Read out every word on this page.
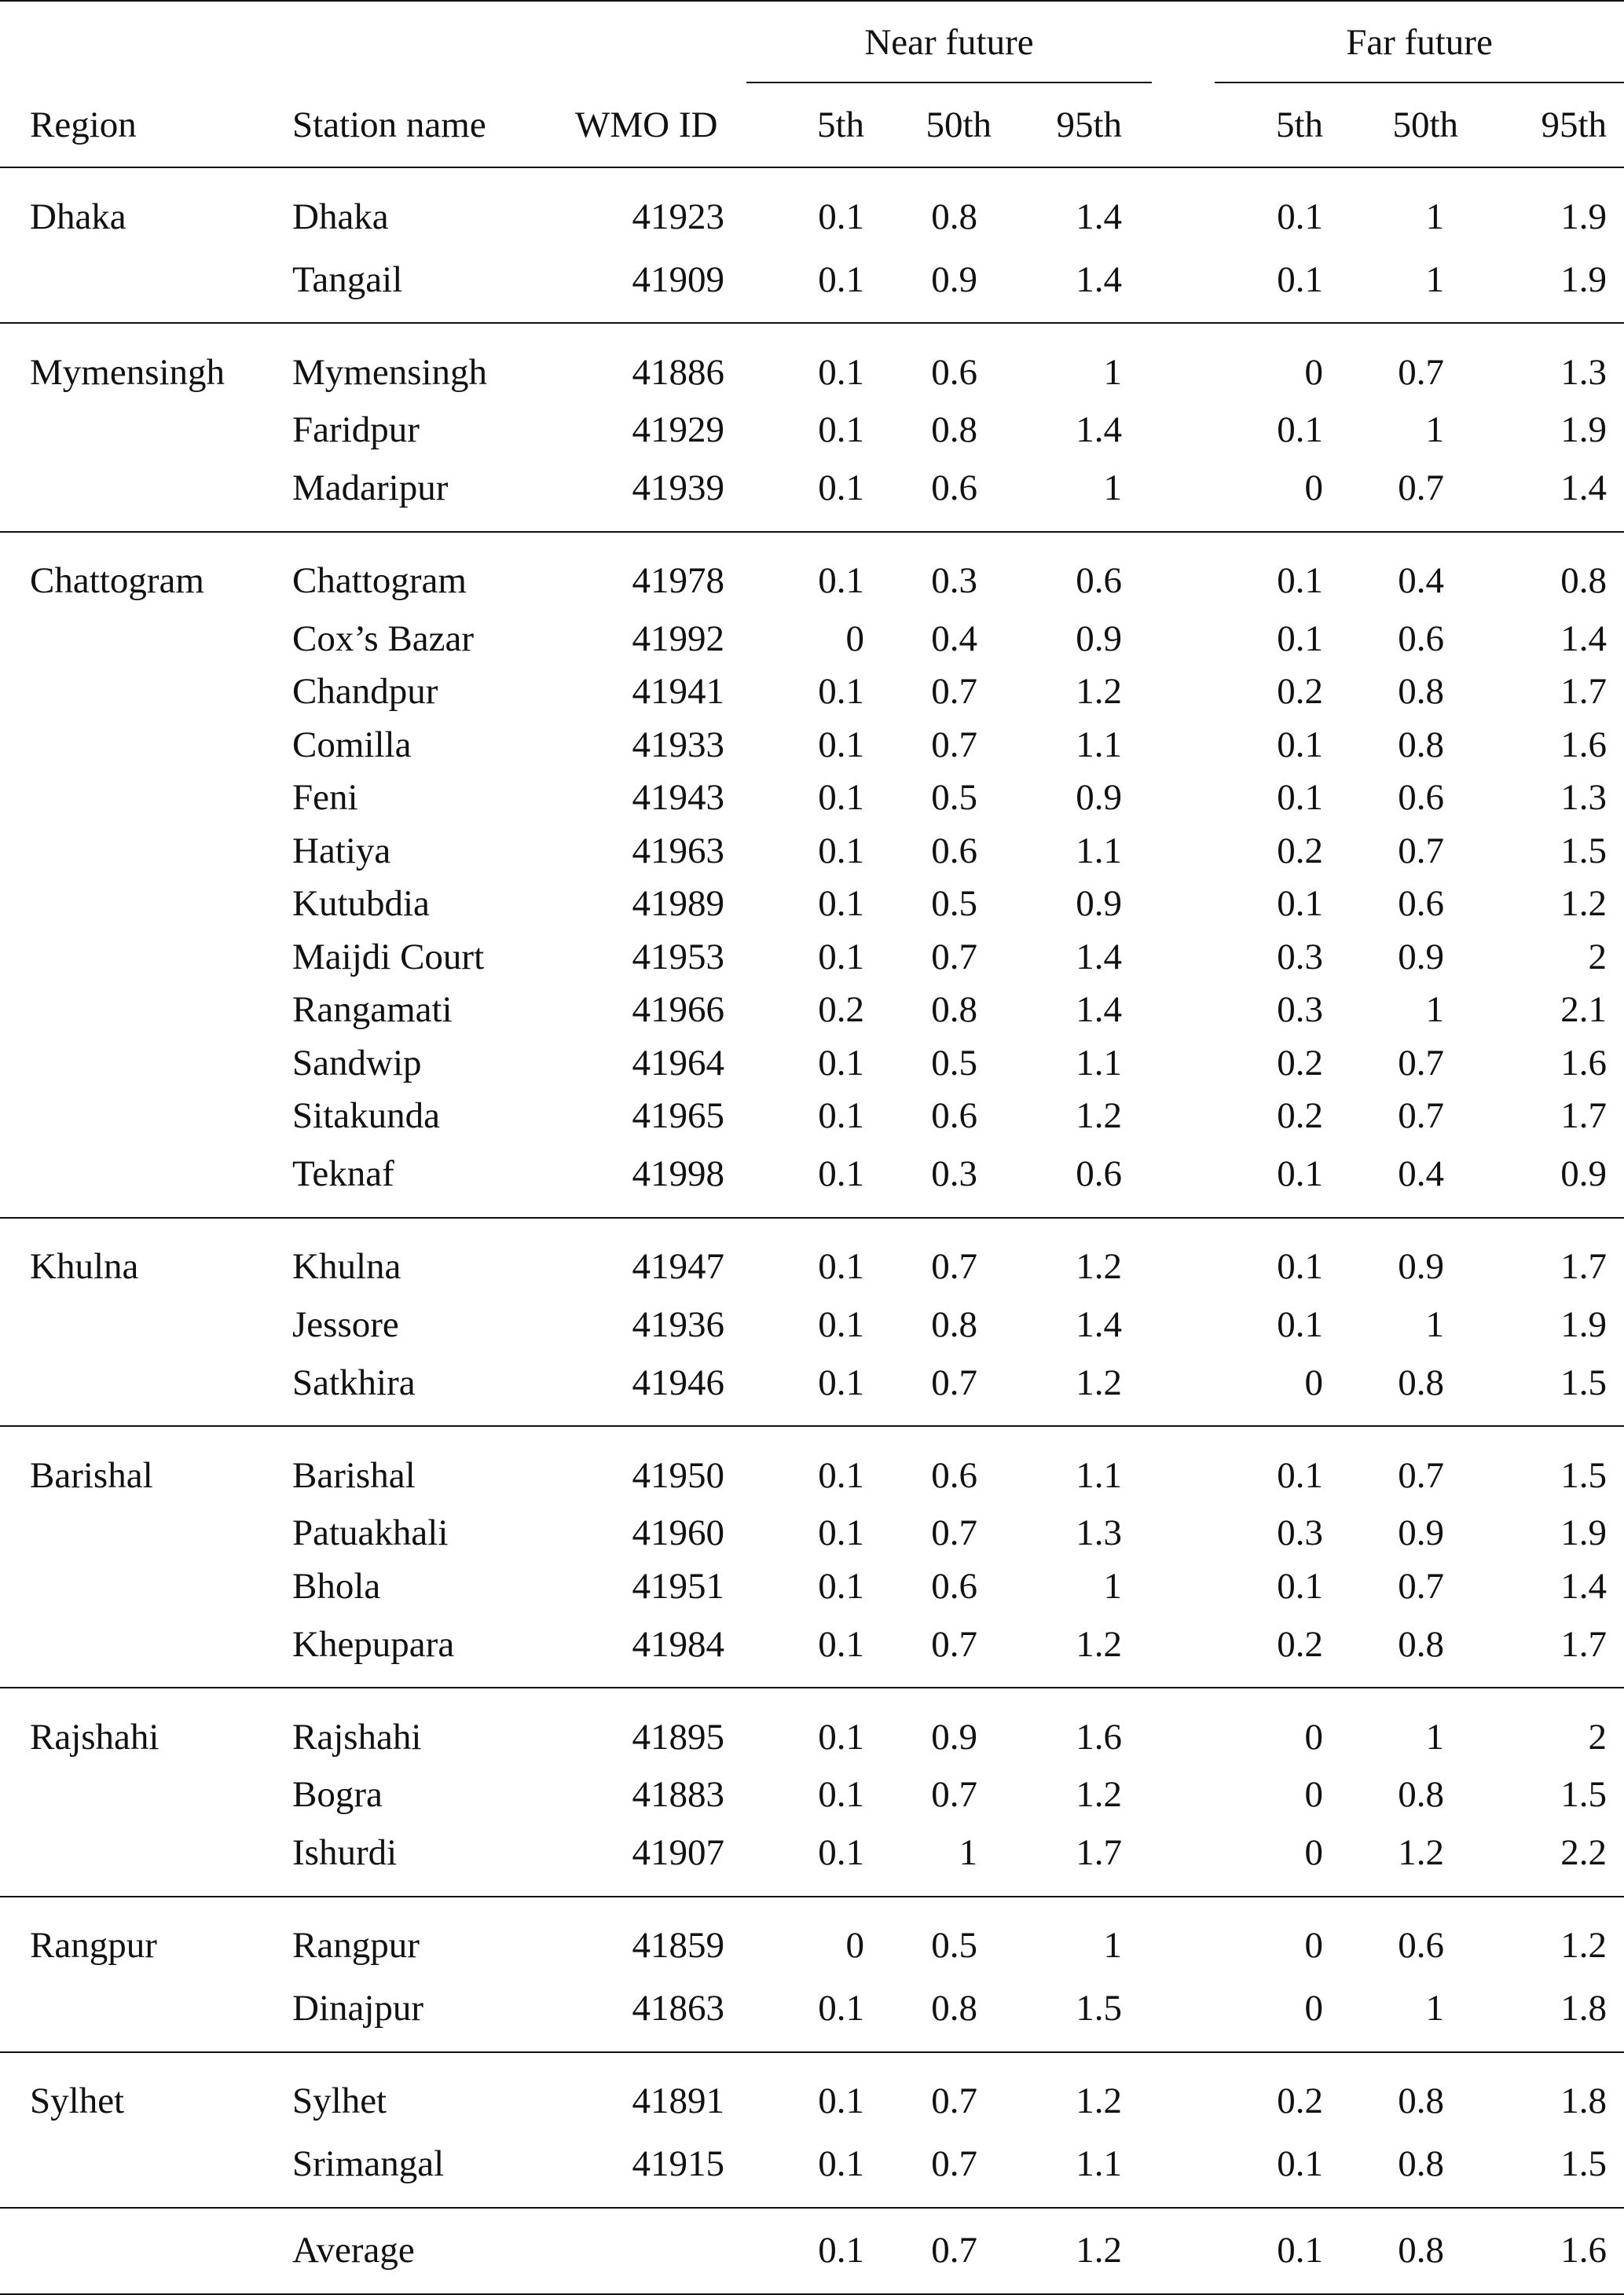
			Near future				Far future		

Region	Station name	WMO ID	5th	50th	95th		5th	50th	95th
Dhaka	Dhaka	41923	0.1	0.8	1.4		0.1	1	1.9
	Tangail	41909	0.1	0.9	1.4		0.1	1	1.9
Mymensingh	Mymensingh	41886	0.1	0.6	1		0	0.7	1.3
	Faridpur	41929	0.1	0.8	1.4		0.1	1	1.9
	Madaripur	41939	0.1	0.6	1		0	0.7	1.4
Chattogram	Chattogram	41978	0.1	0.3	0.6		0.1	0.4	0.8
	Cox’s Bazar	41992	0	0.4	0.9		0.1	0.6	1.4
	Chandpur	41941	0.1	0.7	1.2		0.2	0.8	1.7
	Comilla	41933	0.1	0.7	1.1		0.1	0.8	1.6
	Feni	41943	0.1	0.5	0.9		0.1	0.6	1.3
	Hatiya	41963	0.1	0.6	1.1		0.2	0.7	1.5
	Kutubdia	41989	0.1	0.5	0.9		0.1	0.6	1.2
	Maijdi Court	41953	0.1	0.7	1.4		0.3	0.9	2
	Rangamati	41966	0.2	0.8	1.4		0.3	1	2.1
	Sandwip	41964	0.1	0.5	1.1		0.2	0.7	1.6
	Sitakunda	41965	0.1	0.6	1.2		0.2	0.7	1.7
	Teknaf	41998	0.1	0.3	0.6		0.1	0.4	0.9
Khulna	Khulna	41947	0.1	0.7	1.2		0.1	0.9	1.7
	Jessore	41936	0.1	0.8	1.4		0.1	1	1.9
	Satkhira	41946	0.1	0.7	1.2		0	0.8	1.5
Barishal	Barishal	41950	0.1	0.6	1.1		0.1	0.7	1.5
	Patuakhali	41960	0.1	0.7	1.3		0.3	0.9	1.9
	Bhola	41951	0.1	0.6	1		0.1	0.7	1.4
	Khepupara	41984	0.1	0.7	1.2		0.2	0.8	1.7
Rajshahi	Rajshahi	41895	0.1	0.9	1.6		0	1	2
	Bogra	41883	0.1	0.7	1.2		0	0.8	1.5
	Ishurdi	41907	0.1	1	1.7		0	1.2	2.2
Rangpur	Rangpur	41859	0	0.5	1		0	0.6	1.2
	Dinajpur	41863	0.1	0.8	1.5		0	1	1.8
Sylhet	Sylhet	41891	0.1	0.7	1.2		0.2	0.8	1.8
	Srimangal	41915	0.1	0.7	1.1		0.1	0.8	1.5
	Average		0.1	0.7	1.2		0.1	0.8	1.6
